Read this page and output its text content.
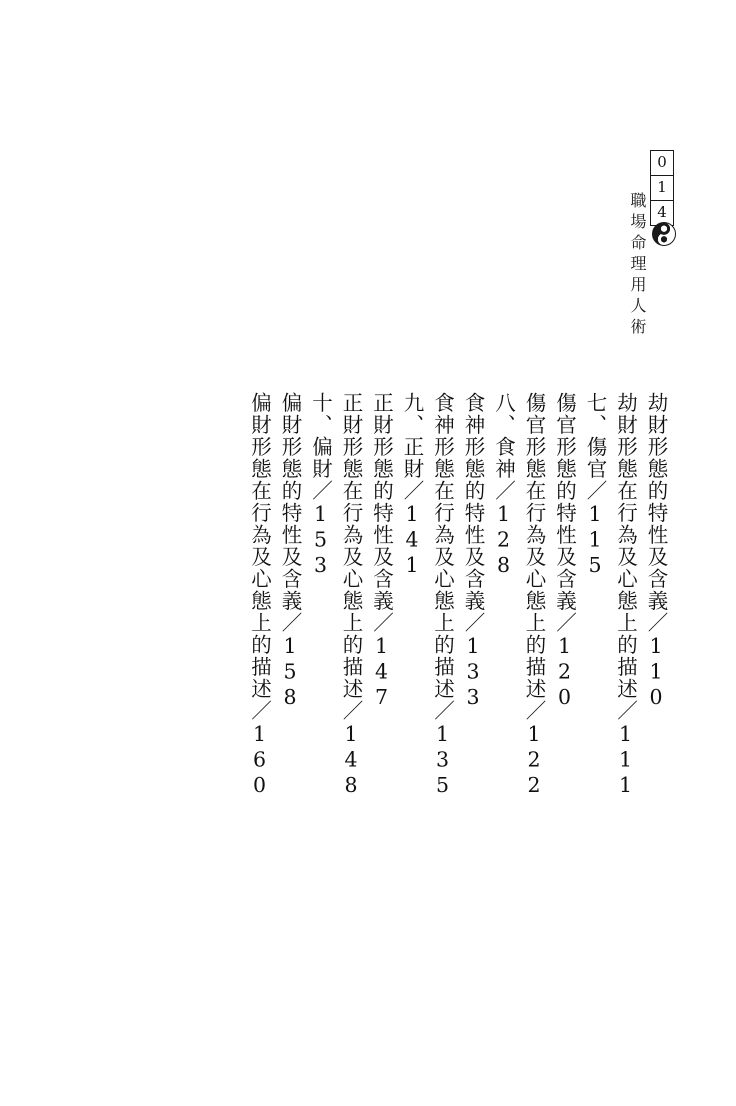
職場命理用人術
0
1
4
劫財形態的特性及含義／110
劫財形態在行為及心態上的描述／111
七、傷官／115
傷官形態的特性及含義／120
傷官形態在行為及心態上的描述／122
八、食神／128
食神形態的特性及含義／133
食神形態在行為及心態上的描述／135
九、正財／141
正財形態的特性及含義／147
正財形態在行為及心態上的描述／148
十、偏財／153
偏財形態的特性及含義／158
偏財形態在行為及心態上的描述／160
